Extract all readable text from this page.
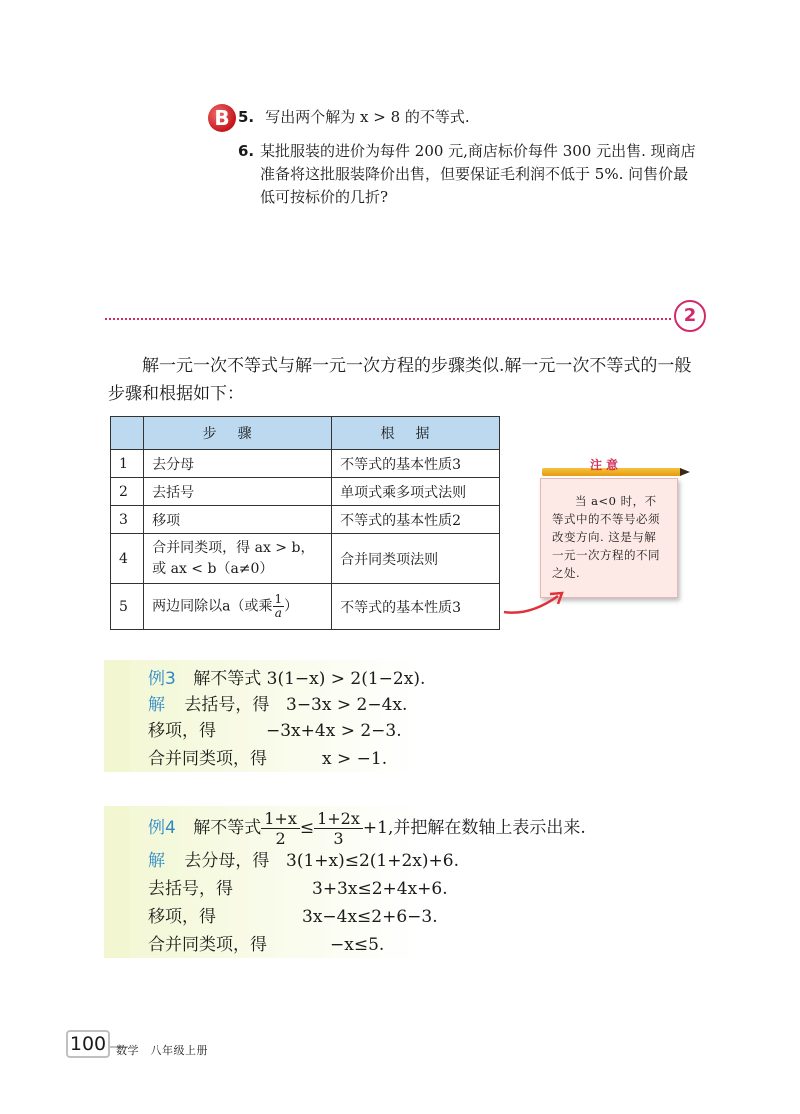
B 5. 写出两个解为 x > 8 的不等式.
6. 某批服装的进价为每件 200 元,商店标价每件 300 元出售. 现商店
准备将这批服装降价出售，但要保证毛利润不低于 5%. 问售价最
低可按标价的几折?
2
解一元一次不等式与解一元一次方程的步骤类似.解一元一次不等式的一般步骤和根据如下：
	步骤	根据
1	去分母	不等式的基本性质3
2	去括号	单项式乘多项式法则
3	移项	不等式的基本性质2
4	合并同类项，得 ax > b，
或 ax < b（a≠0）	合并同类项法则
5	两边同除以a（或乘 $\frac{1}{a}$ ）	不等式的基本性质3
注意
当 a<0 时，不等式中的不等号必须改变方向. 这是与解一元一次方程的不同之处.
例3 解不等式 3(1−x) > 2(1−2x).
解 去括号，得 3−3x > 2−4x.
移项，得	−3x+4x > 2−3.
合并同类项，得	x > −1.
例4 解不等式 $\frac{1+x}{2} \le \frac{1+2x}{3} +1$,并把解在数轴上表示出来.
解 去分母，得 3(1+x)≤2(1+2x)+6.
去括号，得	3+3x≤2+4x+6.
移项，得	3x−4x≤2+6−3.
合并同类项，得	−x≤5.
100 数学　八年级上册
